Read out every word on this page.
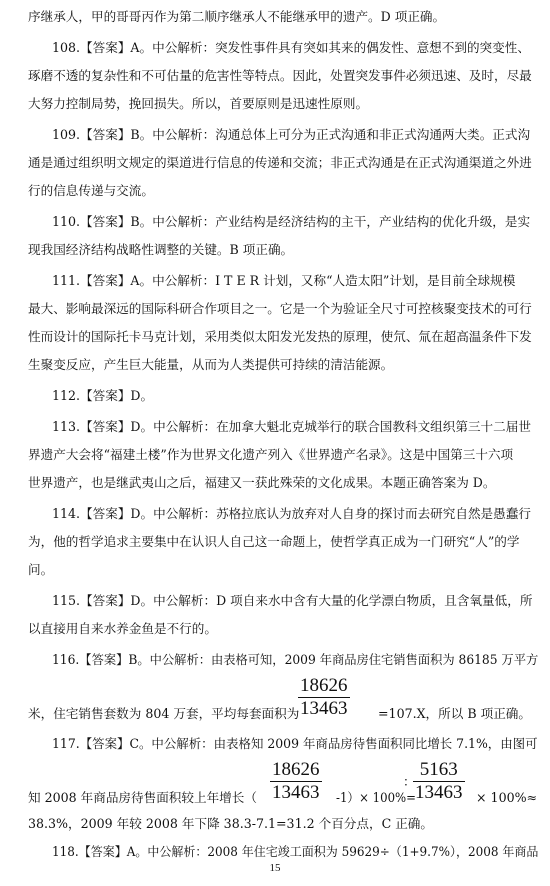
序继承人，甲的哥哥丙作为第二顺序继承人不能继承甲的遗产。D 项正确。
108.【答案】A。中公解析：突发性事件具有突如其来的偶发性、意想不到的突变性、
琢磨不透的复杂性和不可估量的危害性等特点。因此，处置突发事件必须迅速、及时，尽最
大努力控制局势，挽回损失。所以，首要原则是迅速性原则。
109.【答案】B。中公解析：沟通总体上可分为正式沟通和非正式沟通两大类。正式沟
通是通过组织明文规定的渠道进行信息的传递和交流；非正式沟通是在正式沟通渠道之外进
行的信息传递与交流。
110.【答案】B。中公解析：产业结构是经济结构的主干，产业结构的优化升级，是实
现我国经济结构战略性调整的关键。B 项正确。
111.【答案】A。中公解析：I T E R 计划，又称“人造太阳”计划，是目前全球规模
最大、影响最深远的国际科研合作项目之一。它是一个为验证全尺寸可控核聚变技术的可行
性而设计的国际托卡马克计划，采用类似太阳发光发热的原理，使氘、氚在超高温条件下发
生聚变反应，产生巨大能量，从而为人类提供可持续的清洁能源。
112.【答案】D。
113.【答案】D。中公解析：在加拿大魁北克城举行的联合国教科文组织第三十二届世
界遗产大会将“福建土楼”作为世界文化遗产列入《世界遗产名录》。这是中国第三十六项
世界遗产，也是继武夷山之后，福建又一获此殊荣的文化成果。本题正确答案为 D。
114.【答案】D。中公解析：苏格拉底认为放弃对人自身的探讨而去研究自然是愚蠢行
为，他的哲学追求主要集中在认识人自己这一命题上，使哲学真正成为一门研究“人”的学
问。
115.【答案】D。中公解析：D 项自来水中含有大量的化学漂白物质，且含氧量低，所
以直接用自来水养金鱼是不行的。
116.【答案】B。中公解析：由表格可知，2009 年商品房住宅销售面积为 86185 万平方
18626
13463
米，住宅销售套数为 804 万套，平均每套面积为	=107.X，所以 B 项正确。
117.【答案】C。中公解析：由表格知 2009 年商品房待售面积同比增长 7.1%，由图可
18626
13463
：
5163
13463
知 2008 年商品房待售面积较上年增长（	-1）× 100%=	× 100%≈
38.3%，2009 年较 2008 年下降 38.3-7.1=31.2 个百分点，C 正确。
118.【答案】A。中公解析：2008 年住宅竣工面积为 59629÷（1+9.7%），2008 年商品
15
